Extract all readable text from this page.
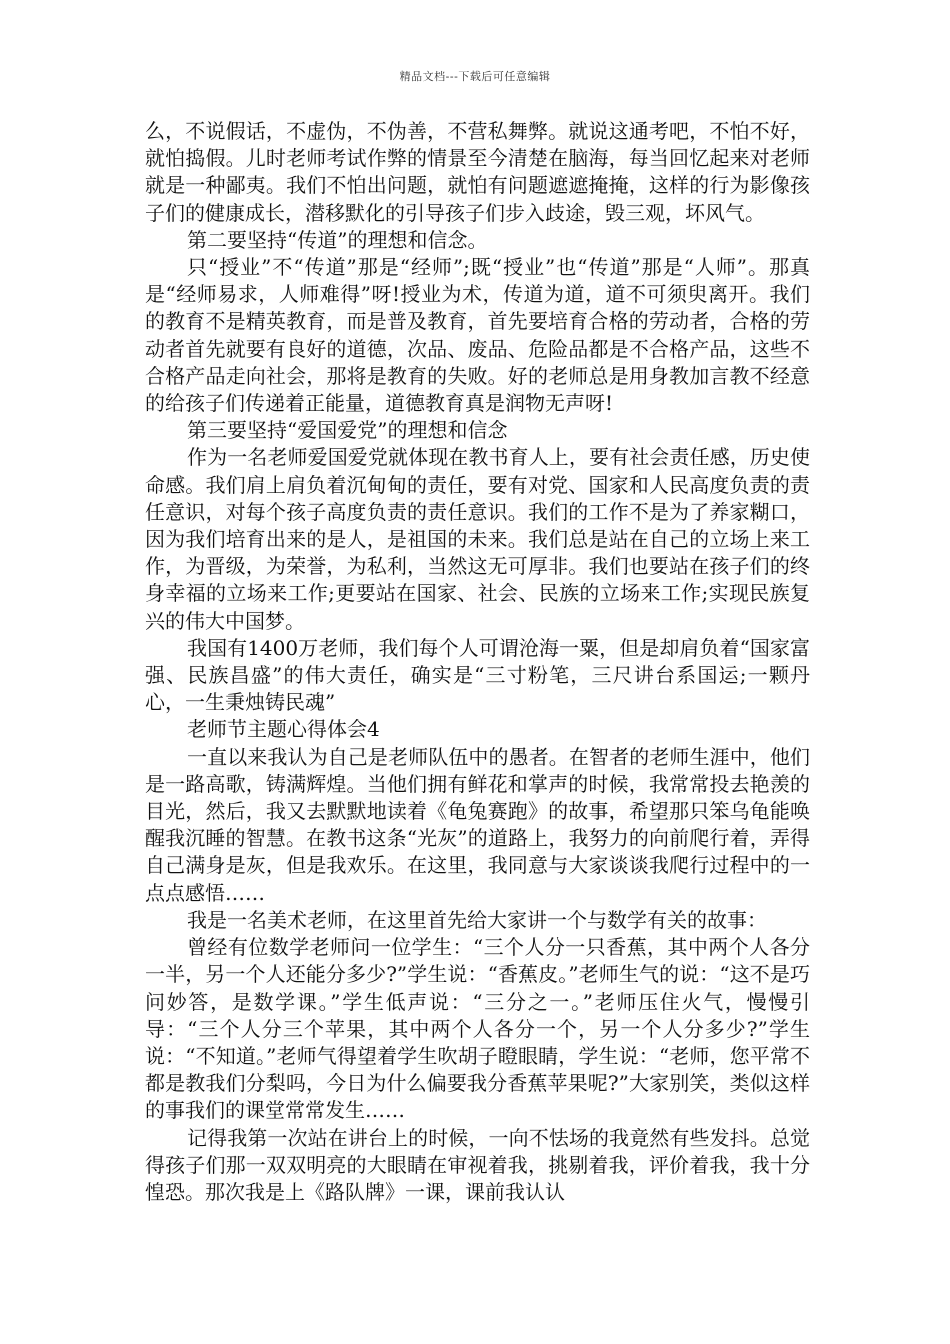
精品文档---下载后可任意编辑

么，不说假话，不虚伪，不伪善，不营私舞弊。就说这通考吧，不怕不好，就怕捣假。儿时老师考试作弊的情景至今清楚在脑海，每当回忆起来对老师就是一种鄙夷。我们不怕出问题，就怕有问题遮遮掩掩，这样的行为影像孩子们的健康成长，潜移默化的引导孩子们步入歧途，毁三观，坏风气。

第二要坚持“传道”的理想和信念。

只“授业”不“传道”那是“经师”;既“授业”也“传道”那是“人师”。那真是“经师易求，人师难得”呀!授业为术，传道为道，道不可须臾离开。我们的教育不是精英教育，而是普及教育，首先要培育合格的劳动者，合格的劳动者首先就要有良好的道德，次品、废品、危险品都是不合格产品，这些不合格产品走向社会，那将是教育的失败。好的老师总是用身教加言教不经意的给孩子们传递着正能量，道德教育真是润物无声呀!

第三要坚持“爱国爱党”的理想和信念

作为一名老师爱国爱党就体现在教书育人上，要有社会责任感，历史使命感。我们肩上肩负着沉甸甸的责任，要有对党、国家和人民高度负责的责任意识，对每个孩子高度负责的责任意识。我们的工作不是为了养家糊口，因为我们培育出来的是人，是祖国的未来。我们总是站在自己的立场上来工作，为晋级，为荣誉，为私利，当然这无可厚非。我们也要站在孩子们的终身幸福的立场来工作;更要站在国家、社会、民族的立场来工作;实现民族复兴的伟大中国梦。

我国有1400万老师，我们每个人可谓沧海一粟，但是却肩负着“国家富强、民族昌盛”的伟大责任，确实是“三寸粉笔，三尺讲台系国运;一颗丹心，一生秉烛铸民魂”

老师节主题心得体会4

一直以来我认为自己是老师队伍中的愚者。在智者的老师生涯中，他们是一路高歌，铸满辉煌。当他们拥有鲜花和掌声的时候，我常常投去艳羡的目光，然后，我又去默默地读着《龟兔赛跑》的故事，希望那只笨乌龟能唤醒我沉睡的智慧。在教书这条“光灰”的道路上，我努力的向前爬行着，弄得自己满身是灰，但是我欢乐。在这里，我同意与大家谈谈我爬行过程中的一点点感悟……

我是一名美术老师，在这里首先给大家讲一个与数学有关的故事：

曾经有位数学老师问一位学生：“三个人分一只香蕉，其中两个人各分一半，另一个人还能分多少?”学生说：“香蕉皮。”老师生气的说：“这不是巧问妙答，是数学课。”学生低声说：“三分之一。”老师压住火气，慢慢引导：“三个人分三个苹果，其中两个人各分一个，另一个人分多少?”学生说：“不知道。”老师气得望着学生吹胡子瞪眼睛，学生说：“老师，您平常不都是教我们分梨吗，今日为什么偏要我分香蕉苹果呢?”大家别笑，类似这样的事我们的课堂常常发生……

记得我第一次站在讲台上的时候，一向不怯场的我竟然有些发抖。总觉得孩子们那一双双明亮的大眼睛在审视着我，挑剔着我，评价着我，我十分惶恐。那次我是上《路队牌》一课，课前我认认
